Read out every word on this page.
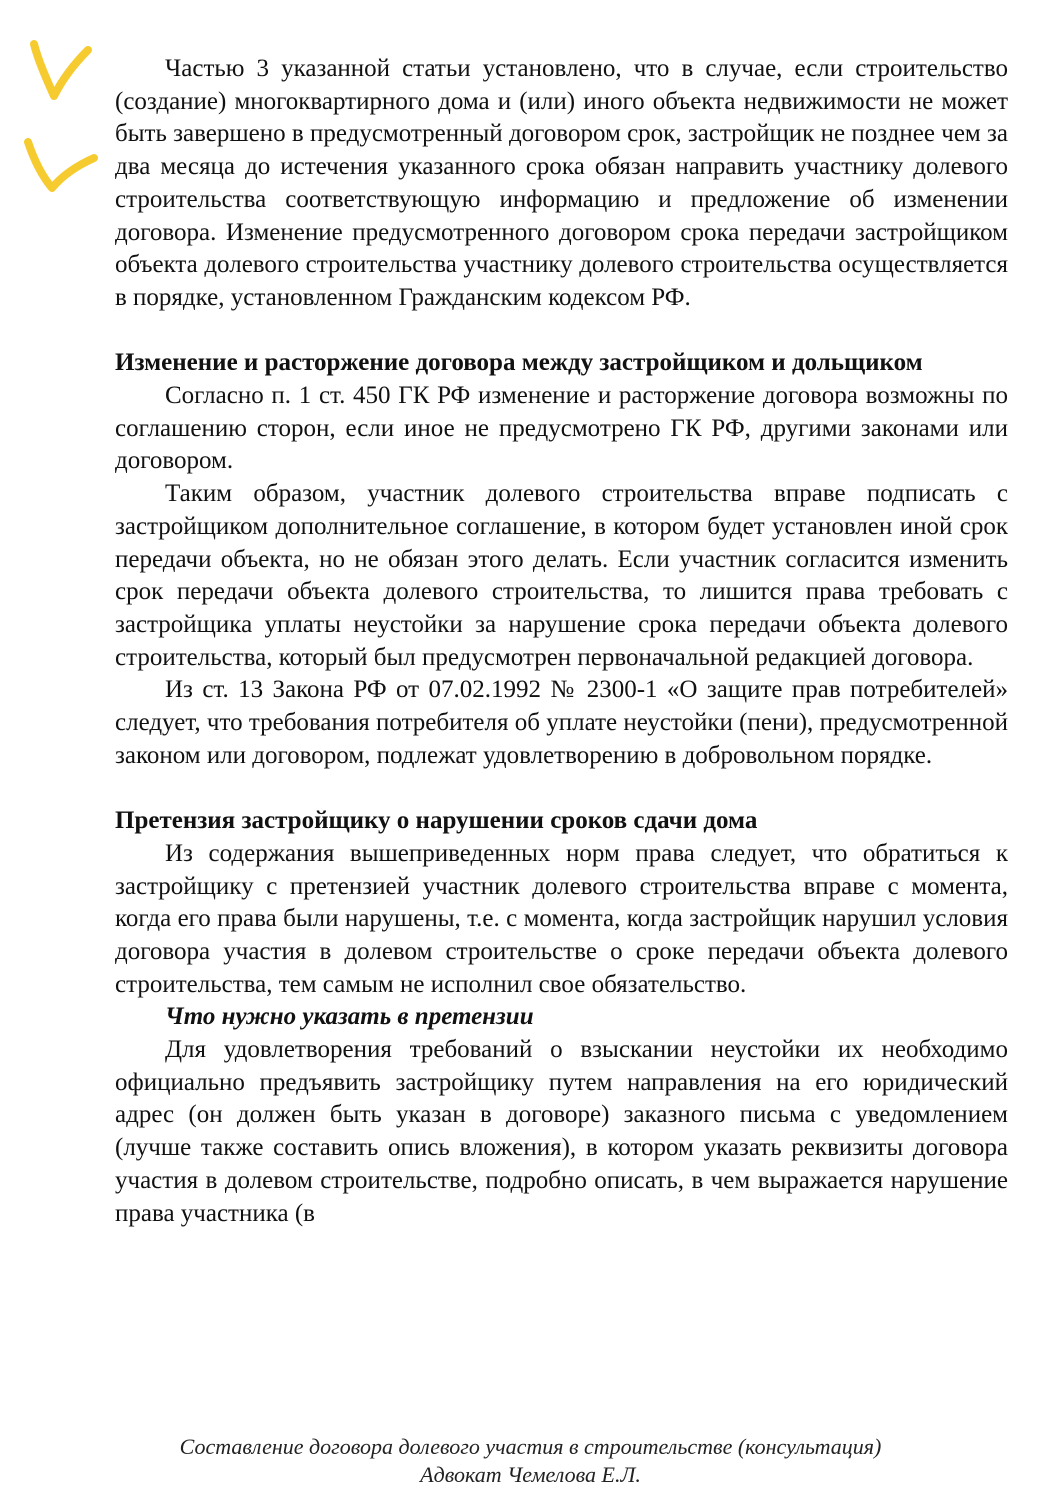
Частью 3 указанной статьи установлено, что в случае, если строительство (создание) многоквартирного дома и (или) иного объекта недвижимости не может быть завершено в предусмотренный договором срок, застройщик не позднее чем за два месяца до истечения указанного срока обязан направить участнику долевого строительства соответствующую информацию и предложение об изменении договора. Изменение предусмотренного договором срока передачи застройщиком объекта долевого строительства участнику долевого строительства осуществляется в порядке, установленном Гражданским кодексом РФ.

Изменение и расторжение договора между застройщиком и дольщиком

Согласно п. 1 ст. 450 ГК РФ изменение и расторжение договора возможны по соглашению сторон, если иное не предусмотрено ГК РФ, другими законами или договором.

Таким образом, участник долевого строительства вправе подписать с застройщиком дополнительное соглашение, в котором будет установлен иной срок передачи объекта, но не обязан этого делать. Если участник согласится изменить срок передачи объекта долевого строительства, то лишится права требовать с застройщика уплаты неустойки за нарушение срока передачи объекта долевого строительства, который был предусмотрен первоначальной редакцией договора.

Из ст. 13 Закона РФ от 07.02.1992 № 2300-1 «О защите прав потребителей» следует, что требования потребителя об уплате неустойки (пени), предусмотренной законом или договором, подлежат удовлетворению в добровольном порядке.

Претензия застройщику о нарушении сроков сдачи дома

Из содержания вышеприведенных норм права следует, что обратиться к застройщику с претензией участник долевого строительства вправе с момента, когда его права были нарушены, т.е. с момента, когда застройщик нарушил условия договора участия в долевом строительстве о сроке передачи объекта долевого строительства, тем самым не исполнил свое обязательство.

Что нужно указать в претензии

Для удовлетворения требований о взыскании неустойки их необходимо официально предъявить застройщику путем направления на его юридический адрес (он должен быть указан в договоре) заказного письма с уведомлением (лучше также составить опись вложения), в котором указать реквизиты договора участия в долевом строительстве, подробно описать, в чем выражается нарушение права участника (в

Составление договора долевого участия в строительстве (консультация)
Адвокат Чемелова Е.Л.
